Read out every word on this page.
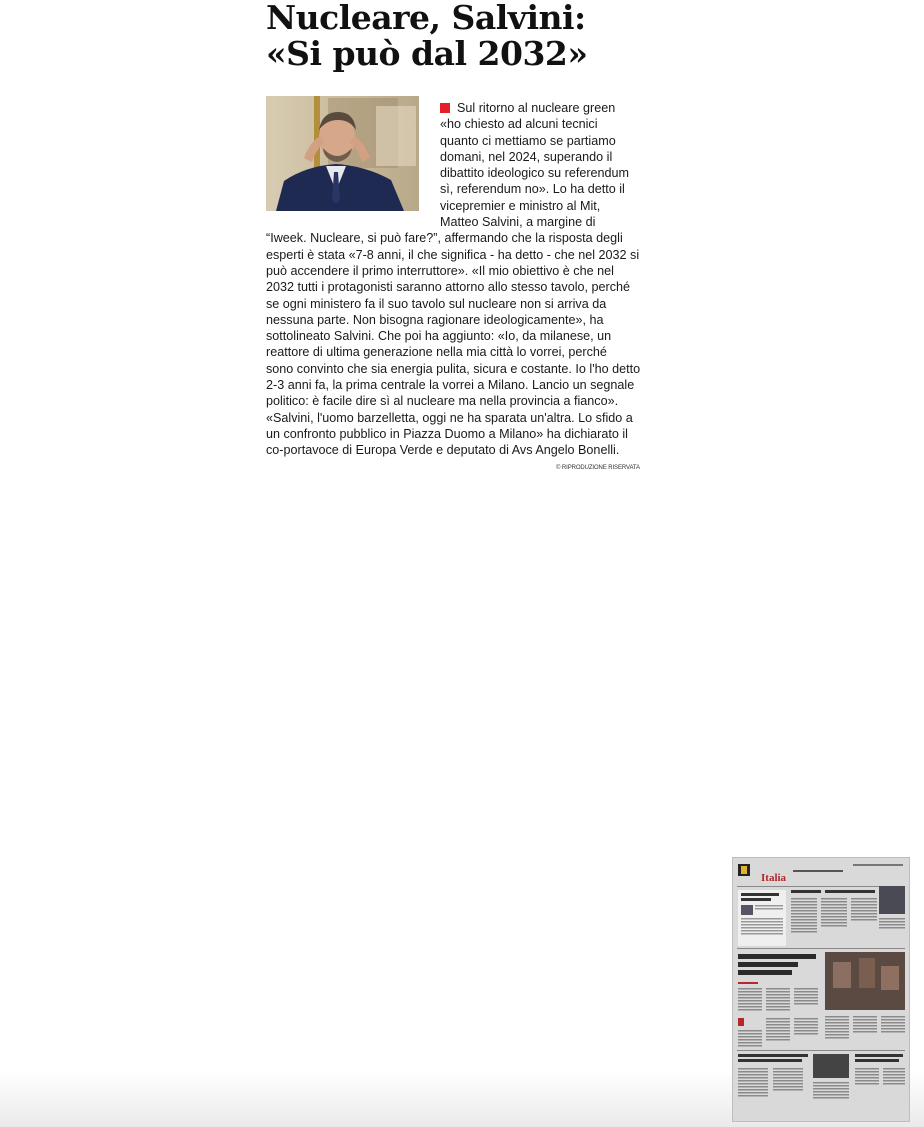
Nucleare, Salvini:
«Si può dal 2032»
Sul ritorno al nucleare green
«ho chiesto ad alcuni tecnici
quanto ci mettiamo se partiamo
domani, nel 2024, superando il
dibattito ideologico su referendum
sì, referendum no». Lo ha detto il
vicepremier e ministro al Mit,
Matteo Salvini, a margine di
“Iweek. Nucleare, si può fare?”, affermando che la risposta degli
esperti è stata «7-8 anni, il che significa - ha detto - che nel 2032 si
può accendere il primo interruttore». «Il mio obiettivo è che nel
2032 tutti i protagonisti saranno attorno allo stesso tavolo, perché
se ogni ministero fa il suo tavolo sul nucleare non si arriva da
nessuna parte. Non bisogna ragionare ideologicamente», ha
sottolineato Salvini. Che poi ha aggiunto: «Io, da milanese, un
reattore di ultima generazione nella mia città lo vorrei, perché
sono convinto che sia energia pulita, sicura e costante. Io l'ho detto
2-3 anni fa, la prima centrale la vorrei a Milano. Lancio un segnale
politico: è facile dire sì al nucleare ma nella provincia a fianco».
«Salvini, l'uomo barzelletta, oggi ne ha sparata un'altra. Lo sfido a
un confronto pubblico in Piazza Duomo a Milano» ha dichiarato il
co-portavoce di Europa Verde e deputato di Avs Angelo Bonelli.
© RIPRODUZIONE RISERVATA
Italia
